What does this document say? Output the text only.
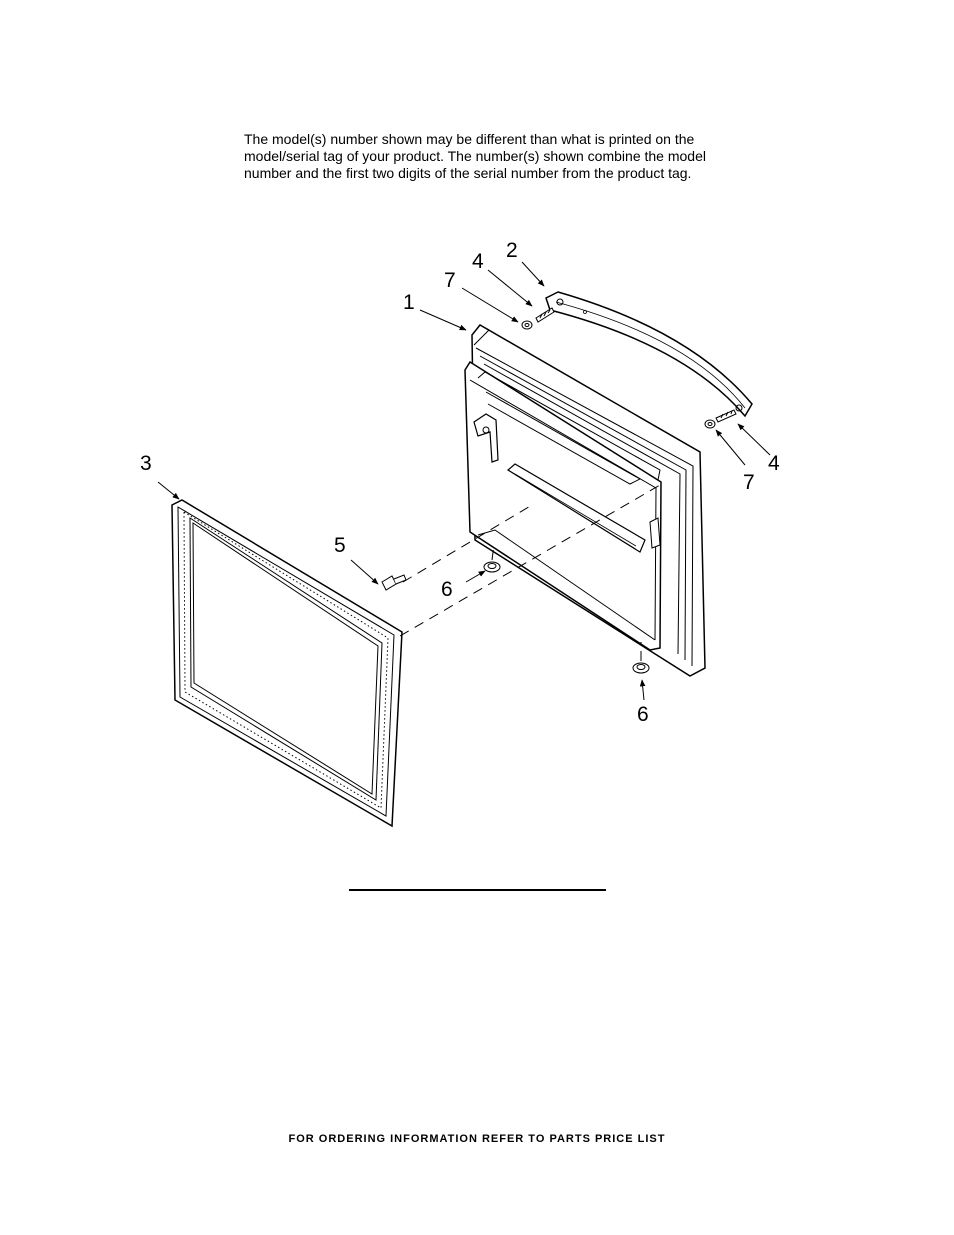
The model(s) number shown may be different than what is printed on the
model/serial tag of your product. The number(s) shown combine the model
number and the first two digits of the serial number from the product tag.

1
2
3
4
4
5
6
6
7
7

FOR ORDERING INFORMATION REFER TO PARTS PRICE LIST
